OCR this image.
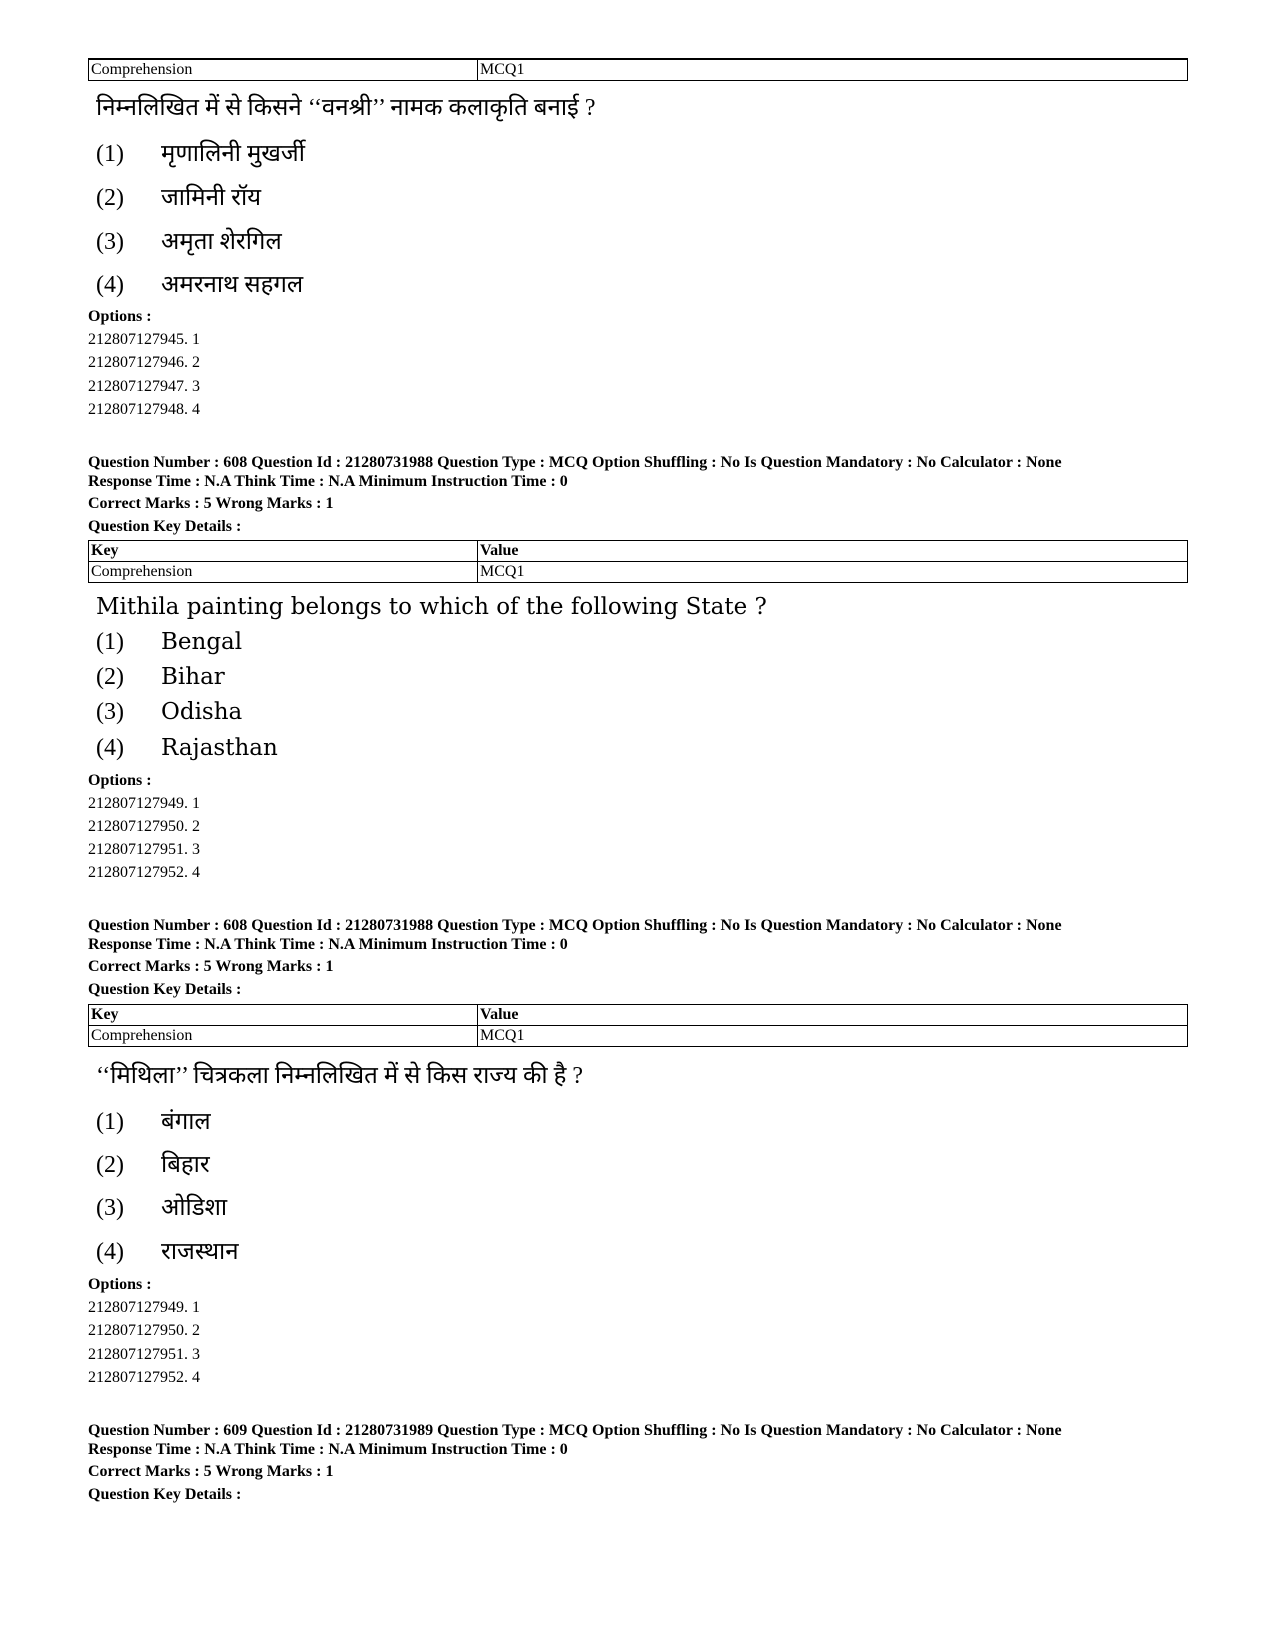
Comprehension	MCQ1
निम्नलिखित में से किसने ‘‘वनश्री’’ नामक कलाकृति बनाई ?
(1) मृणालिनी मुखर्जी
(2) जामिनी रॉय
(3) अमृता शेरगिल
(4) अमरनाथ सहगल
Options :
212807127945. 1
212807127946. 2
212807127947. 3
212807127948. 4
Question Number : 608 Question Id : 21280731988 Question Type : MCQ Option Shuffling : No Is Question Mandatory : No Calculator : None
Response Time : N.A Think Time : N.A Minimum Instruction Time : 0
Correct Marks : 5 Wrong Marks : 1
Question Key Details :
Key	Value
Comprehension	MCQ1
Mithila painting belongs to which of the following State ?
(1) Bengal
(2) Bihar
(3) Odisha
(4) Rajasthan
Options :
212807127949. 1
212807127950. 2
212807127951. 3
212807127952. 4
Question Number : 608 Question Id : 21280731988 Question Type : MCQ Option Shuffling : No Is Question Mandatory : No Calculator : None
Response Time : N.A Think Time : N.A Minimum Instruction Time : 0
Correct Marks : 5 Wrong Marks : 1
Question Key Details :
Key	Value
Comprehension	MCQ1
‘‘मिथिला’’ चित्रकला निम्नलिखित में से किस राज्य की है ?
(1) बंगाल
(2) बिहार
(3) ओडिशा
(4) राजस्थान
Options :
212807127949. 1
212807127950. 2
212807127951. 3
212807127952. 4
Question Number : 609 Question Id : 21280731989 Question Type : MCQ Option Shuffling : No Is Question Mandatory : No Calculator : None
Response Time : N.A Think Time : N.A Minimum Instruction Time : 0
Correct Marks : 5 Wrong Marks : 1
Question Key Details :
